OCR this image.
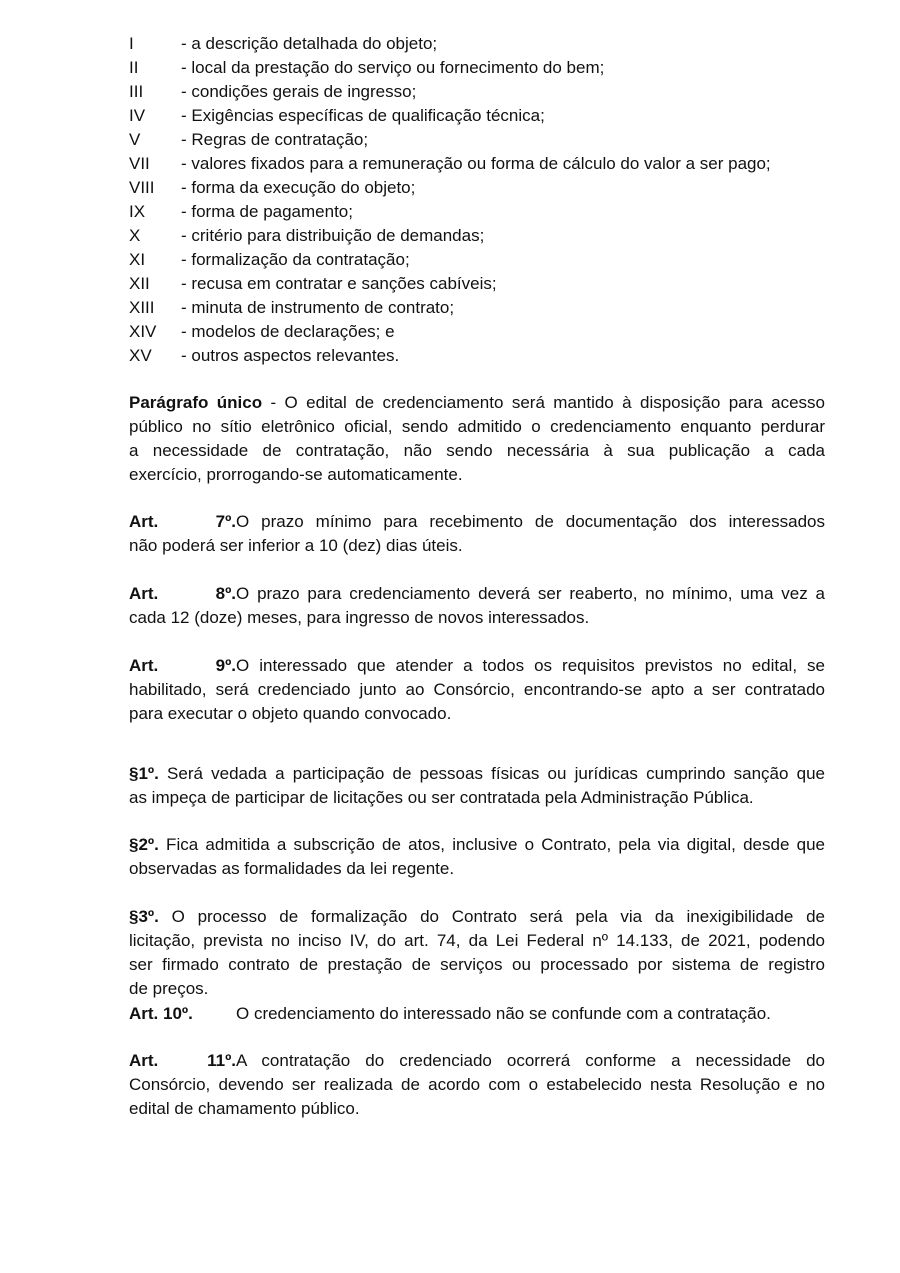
I	- a descrição detalhada do objeto;
II	- local da prestação do serviço ou fornecimento do bem;
III - condições gerais de ingresso;
IV - Exigências específicas de qualificação técnica;
V - Regras de contratação;
VII - valores fixados para a remuneração ou forma de cálculo do valor a ser pago;
VIII - forma da execução do objeto;
IX - forma de pagamento;
X - critério para distribuição de demandas;
XI - formalização da contratação;
XII - recusa em contratar e sanções cabíveis;
XIII - minuta de instrumento de contrato;
XIV - modelos de declarações; e
XV - outros aspectos relevantes.
Parágrafo único - O edital de credenciamento será mantido à disposição para acesso
público no sítio eletrônico oficial, sendo admitido o credenciamento enquanto perdurar
a necessidade de contratação, não sendo necessária à sua publicação a cada
exercício, prorrogando-se automaticamente.
Art. 7º.O prazo mínimo para recebimento de documentação dos interessados
não poderá ser inferior a 10 (dez) dias úteis.
Art. 8º.O prazo para credenciamento deverá ser reaberto, no mínimo, uma vez a
cada 12 (doze) meses, para ingresso de novos interessados.
Art. 9º.O interessado que atender a todos os requisitos previstos no edital, se
habilitado, será credenciado junto ao Consórcio, encontrando-se apto a ser contratado
para executar o objeto quando convocado.
§1º. Será vedada a participação de pessoas físicas ou jurídicas cumprindo sanção que
as impeça de participar de licitações ou ser contratada pela Administração Pública.
§2º. Fica admitida a subscrição de atos, inclusive o Contrato, pela via digital, desde que
observadas as formalidades da lei regente.
§3º. O processo de formalização do Contrato será pela via da inexigibilidade de
licitação, prevista no inciso IV, do art. 74, da Lei Federal nº 14.133, de 2021, podendo
ser firmado contrato de prestação de serviços ou processado por sistema de registro
de preços.
Art. 10º.	O credenciamento do interessado não se confunde com a contratação.
Art. 11º.A contratação do credenciado ocorrerá conforme a necessidade do
Consórcio, devendo ser realizada de acordo com o estabelecido nesta Resolução e no
edital de chamamento público.
